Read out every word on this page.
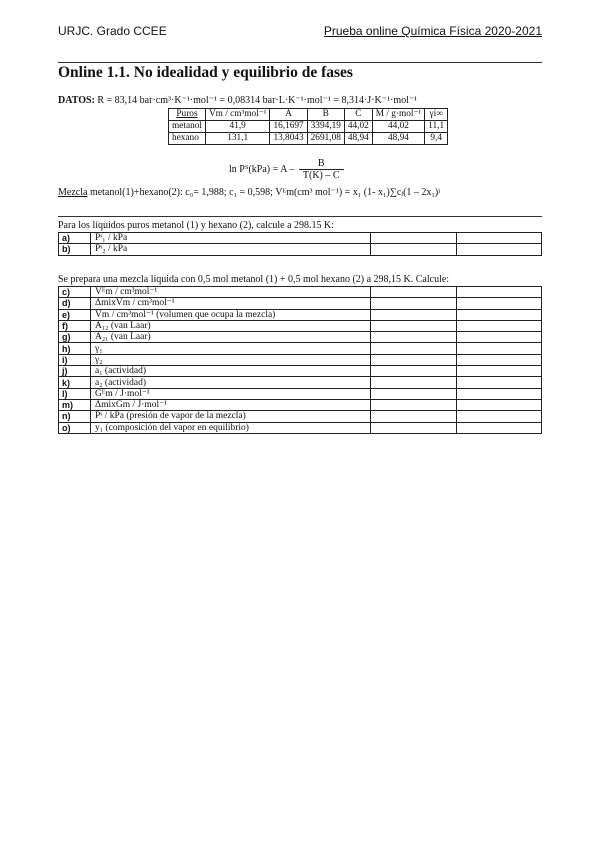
URJC. Grado CCEE	Prueba online Química Física 2020-2021
Online 1.1. No idealidad y equilibrio de fases
DATOS: R = 83,14 bar·cm³·K⁻¹·mol⁻¹ = 0,08314 bar·L·K⁻¹·mol⁻¹ = 8,314·J·K⁻¹·mol⁻¹
Puros	Vm / cm³mol⁻¹	A	B	C	M / g·mol⁻¹	γi∞
metanol	41,9	16,1697	3394,19	44,02	44,02	11,1
hexano	131,1	13,8043	2691,08	48,94	48,94	9,4
$\ln P^S(kPa) = A - \frac{B}{T(K) - C}$
Mezcla metanol(1)+hexano(2): c₀= 1,988; c₁ = 0,598; Vᴱm(cm³ mol⁻¹) = x₁ (1- x₁)∑cⱼ(1 – 2x₁)ʲ
Para los líquidos puros metanol (1) y hexano (2), calcule a 298.15 K:
a)	Pˢ₁ / kPa		
b)	Pˢ₂ / kPa		
Se prepara una mezcla líquida con 0,5 mol metanol (1) + 0,5 mol hexano (2) a 298,15 K. Calcule:
c)	Vᴱm / cm³mol⁻¹		
d)	ΔmixVm / cm³mol⁻¹		
e)	Vm / cm³mol⁻¹ (volumen que ocupa la mezcla)		
f)	A₁₂ (van Laar)		
g)	A₂₁ (van Laar)		
h)	γ₁		
i)	γ₂		
j)	a₁ (actividad)		
k)	a₂ (actividad)		
l)	Gᴱm / J·mol⁻¹		
m)	ΔmixGm / J·mol⁻¹		
n)	Pˢ / kPa (presión de vapor de la mezcla)		
o)	y₁ (composición del vapor en equilibrio)		
